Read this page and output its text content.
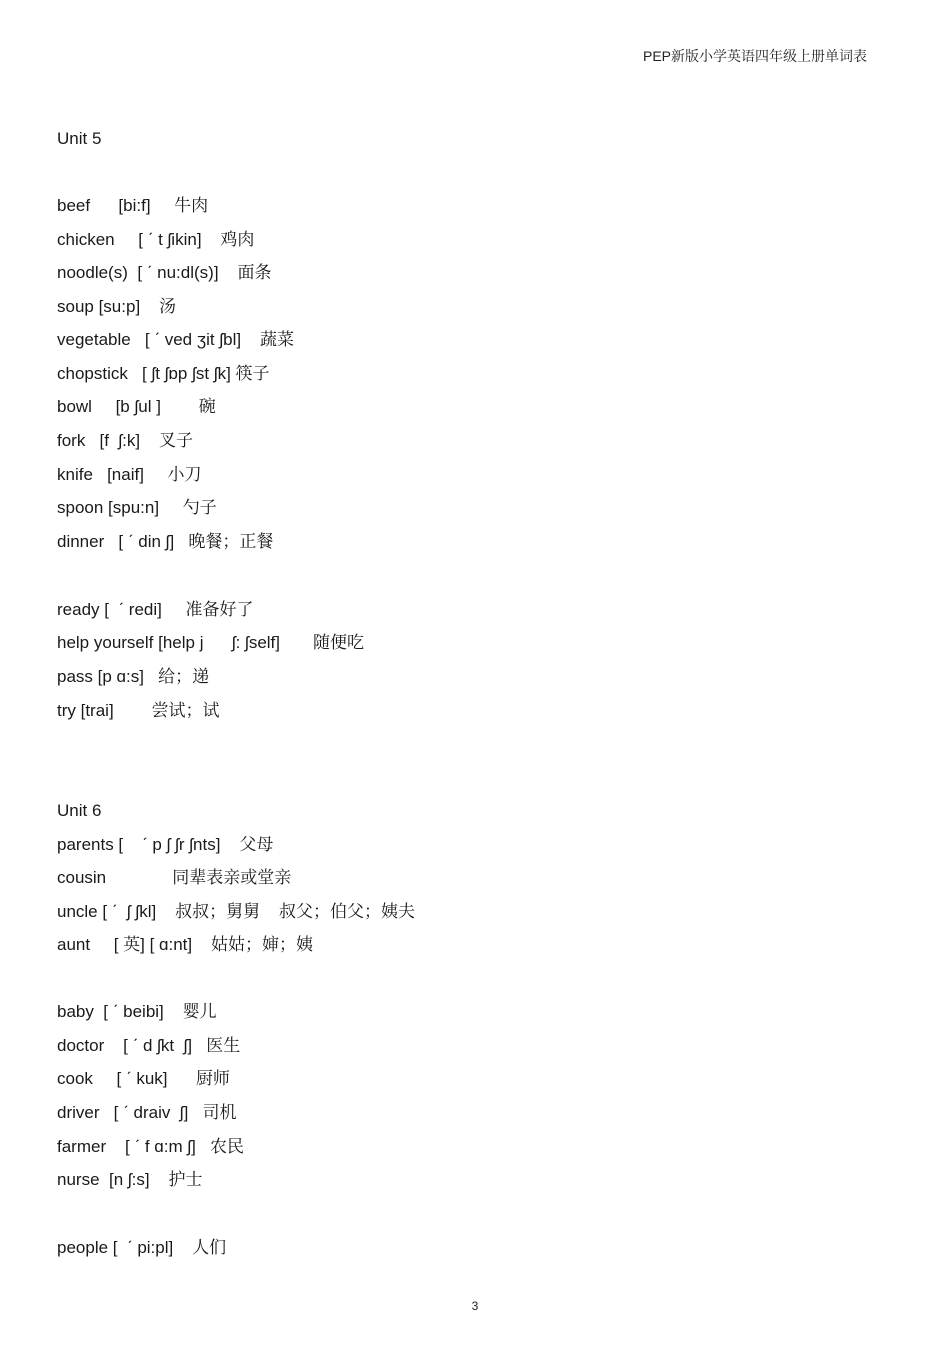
PEP新版小学英语四年级上册单词表
Unit 5
beef      [bi:f]     牛肉
chicken     [ ˊ t ʃikin]    鸡肉
noodle(s)  [ ˊ nu:dl(s)]    面条
soup [su:p]    汤
vegetable   [ ˊ ved ʒit ʃbl]    蔬菜
chopstick   [ ʃt ʃɒp ʃst ʃk] 筷子
bowl     [b ʃul ]        碗
fork   [f  ʃ:k]    叉子
knife   [naif]     小刀
spoon [spu:n]     勺子
dinner   [ ˊ din ʃ]   晚餐；正餐
ready [  ˊ redi]     准备好了
help yourself [help j      ʃ: ʃself]       随便吃
pass [p ɑ:s]   给；递
try [trai]        尝试；试
Unit 6
parents [    ˊ p ʃ ʃr ʃnts]    父母
cousin              同辈表亲或堂亲
uncle [ ˊ  ʃ ʃkl]    叔叔；舅舅    叔父；伯父；姨夫
aunt     [ 英] [ ɑ:nt]    姑姑；婶；姨
baby  [ ˊ beibi]    婴儿
doctor    [ ˊ d ʃkt  ʃ]   医生
cook     [ ˊ kuk]      厨师
driver   [ ˊ draiv  ʃ]   司机
farmer    [ ˊ f ɑ:m ʃ]   农民
nurse  [n ʃ:s]    护士
people [  ˊ pi:pl]    人们
3
